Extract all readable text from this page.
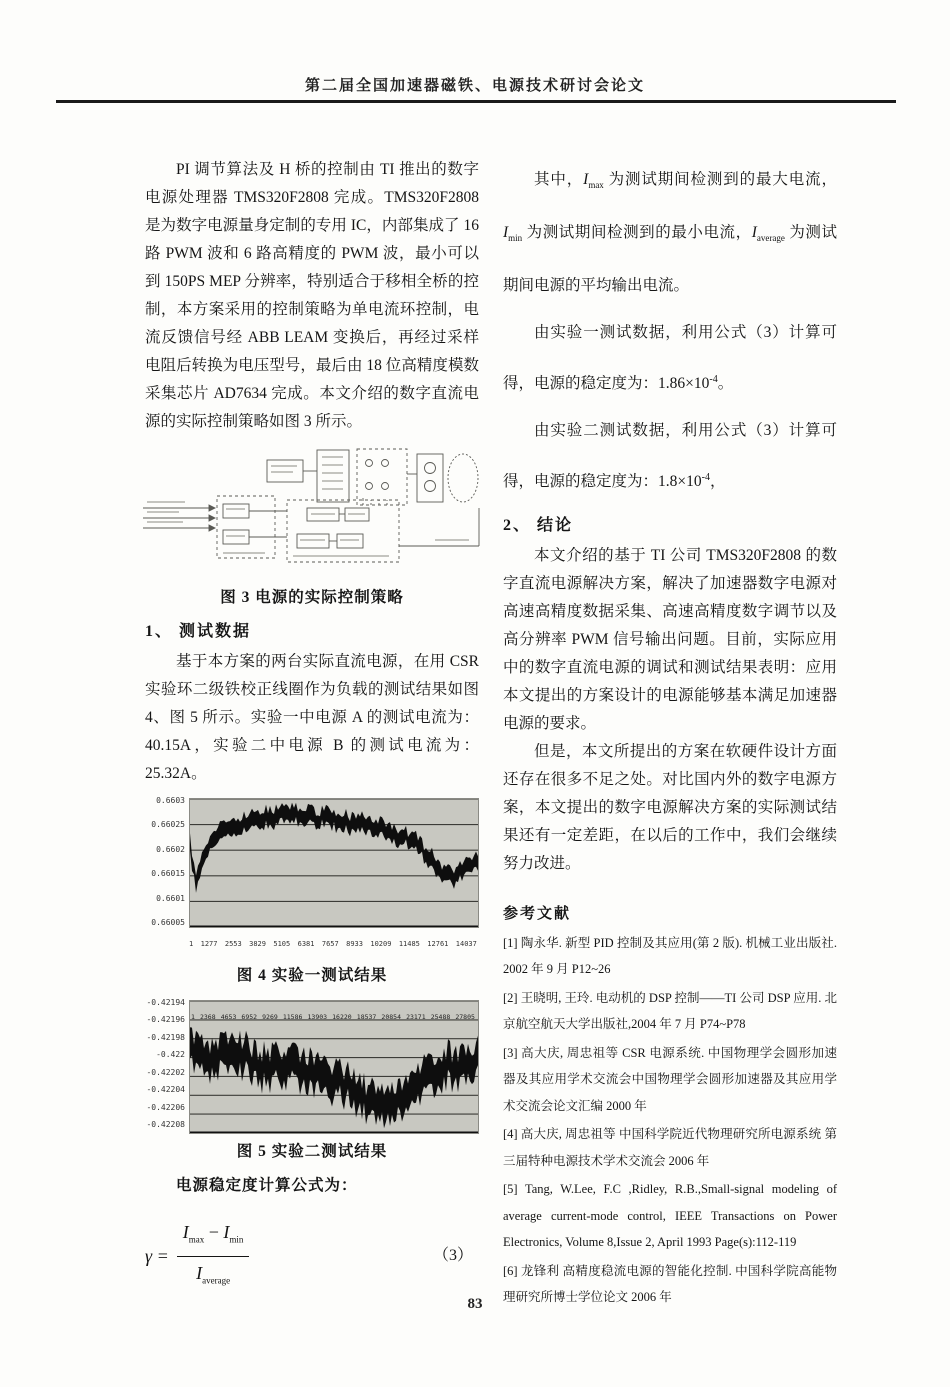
第二届全国加速器磁铁、电源技术研讨会论文

PI 调节算法及 H 桥的控制由 TI 推出的数字电源处理器 TMS320F2808 完成。TMS320F2808 是为数字电源量身定制的专用 IC，内部集成了 16 路 PWM 波和 6 路高精度的 PWM 波，最小可以到 150PS MEP 分辨率，特别适合于移相全桥的控制，本方案采用的控制策略为单电流环控制，电流反馈信号经 ABB LEAM 变换后，再经过采样电阻后转换为电压型号，最后由 18 位高精度模数采集芯片 AD7634 完成。本文介绍的数字直流电源的实际控制策略如图 3 所示。

图 3 电源的实际控制策略

1、 测试数据

基于本方案的两台实际直流电源，在用 CSR 实验环二级铁校正线圈作为负载的测试结果如图 4、图 5 所示。实验一中电源 A 的测试电流为：40.15A，实验二中电源 B 的测试电流为：25.32A。

0.6603
0.66025
0.6602
0.66015
0.6601
0.66005
1 1277 2553 3829 5105 6381 7657 8933 10209 11485 12761 14037
图 4 实验一测试结果
-0.42194
-0.42196
-0.42198
-0.422
-0.42202
-0.42204
-0.42206
-0.42208
1 2368 4653 6952 9269 11586 13903 16220 18537 20854 23171 25488 27805
图 5 实验二测试结果

电源稳定度计算公式为：

$\gamma = \frac{I_{max} - I_{min}}{I_{average}}$	（3）

其中，$I_{max}$ 为测试期间检测到的最大电流，$I_{min}$ 为测试期间检测到的最小电流，$I_{average}$ 为测试期间电源的平均输出电流。

由实验一测试数据，利用公式（3）计算可得，电源的稳定度为：$1.86\times 10^{-4}$。

由实验二测试数据，利用公式（3）计算可得，电源的稳定度为：$1.8\times 10^{-4}$，

2、 结论

本文介绍的基于 TI 公司 TMS320F2808 的数字直流电源解决方案，解决了加速器数字电源对高速高精度数据采集、高速高精度数字调节以及高分辨率 PWM 信号输出问题。目前，实际应用中的数字直流电源的调试和测试结果表明：应用本文提出的方案设计的电源能够基本满足加速器电源的要求。

但是，本文所提出的方案在软硬件设计方面还存在很多不足之处。对比国内外的数字电源方案，本文提出的数字电源解决方案的实际测试结果还有一定差距，在以后的工作中，我们会继续努力改进。

参考文献

[1] 陶永华. 新型 PID 控制及其应用(第 2 版). 机械工业出版社. 2002 年 9 月 P12~26
[2] 王晓明, 王玲. 电动机的 DSP 控制——TI 公司 DSP 应用. 北京航空航天大学出版社,2004 年 7 月 P74~P78
[3] 高大庆, 周忠祖等 CSR 电源系统. 中国物理学会圆形加速器及其应用学术交流会中国物理学会圆形加速器及其应用学术交流会论文汇编 2000 年
[4] 高大庆, 周忠祖等 中国科学院近代物理研究所电源系统 第三届特种电源技术学术交流会 2006 年
[5] Tang, W.Lee, F.C ,Ridley, R.B.,Small-signal modeling of average current-mode control, IEEE Transactions on Power Electronics, Volume 8,Issue 2, April 1993 Page(s):112-119
[6] 龙锋利 高精度稳流电源的智能化控制. 中国科学院高能物理研究所博士学位论文 2006 年
83
